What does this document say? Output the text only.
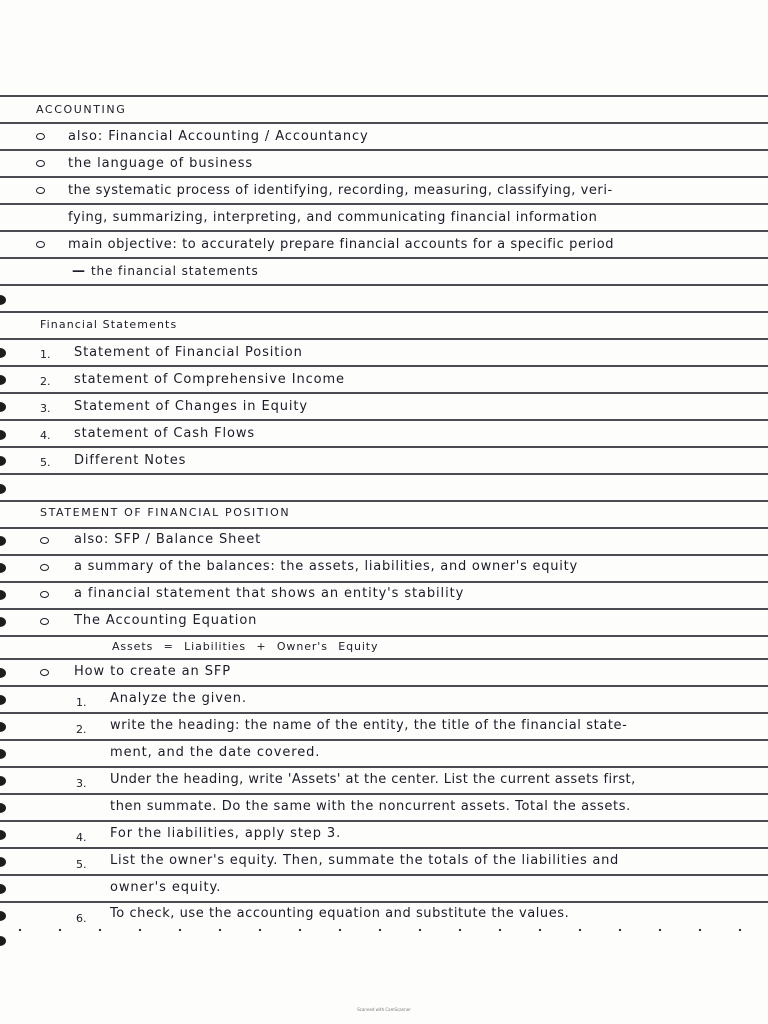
ACCOUNTING
also: Financial Accounting / Accountancy
the language of business
the systematic process of identifying, recording, measuring, classifying, veri-
fying, summarizing, interpreting, and communicating financial information
main objective: to accurately prepare financial accounts for a specific period
— the financial statements
Financial Statements
1. Statement of Financial Position
2. statement of Comprehensive Income
3. Statement of Changes in Equity
4. statement of Cash Flows
5. Different Notes
STATEMENT OF FINANCIAL POSITION
also: SFP / Balance Sheet
a summary of the balances: the assets, liabilities, and owner's equity
a financial statement that shows an entity's stability
The Accounting Equation
Assets = Liabilities + Owner's Equity
How to create an SFP
1. Analyze the given.
2. write the heading: the name of the entity, the title of the financial state-
ment, and the date covered.
3. Under the heading, write 'Assets' at the center. List the current assets first,
then summate. Do the same with the noncurrent assets. Total the assets.
4. For the liabilities, apply step 3.
5. List the owner's equity. Then, summate the totals of the liabilities and
owner's equity.
6. To check, use the accounting equation and substitute the values.
Scanned with CamScanner
